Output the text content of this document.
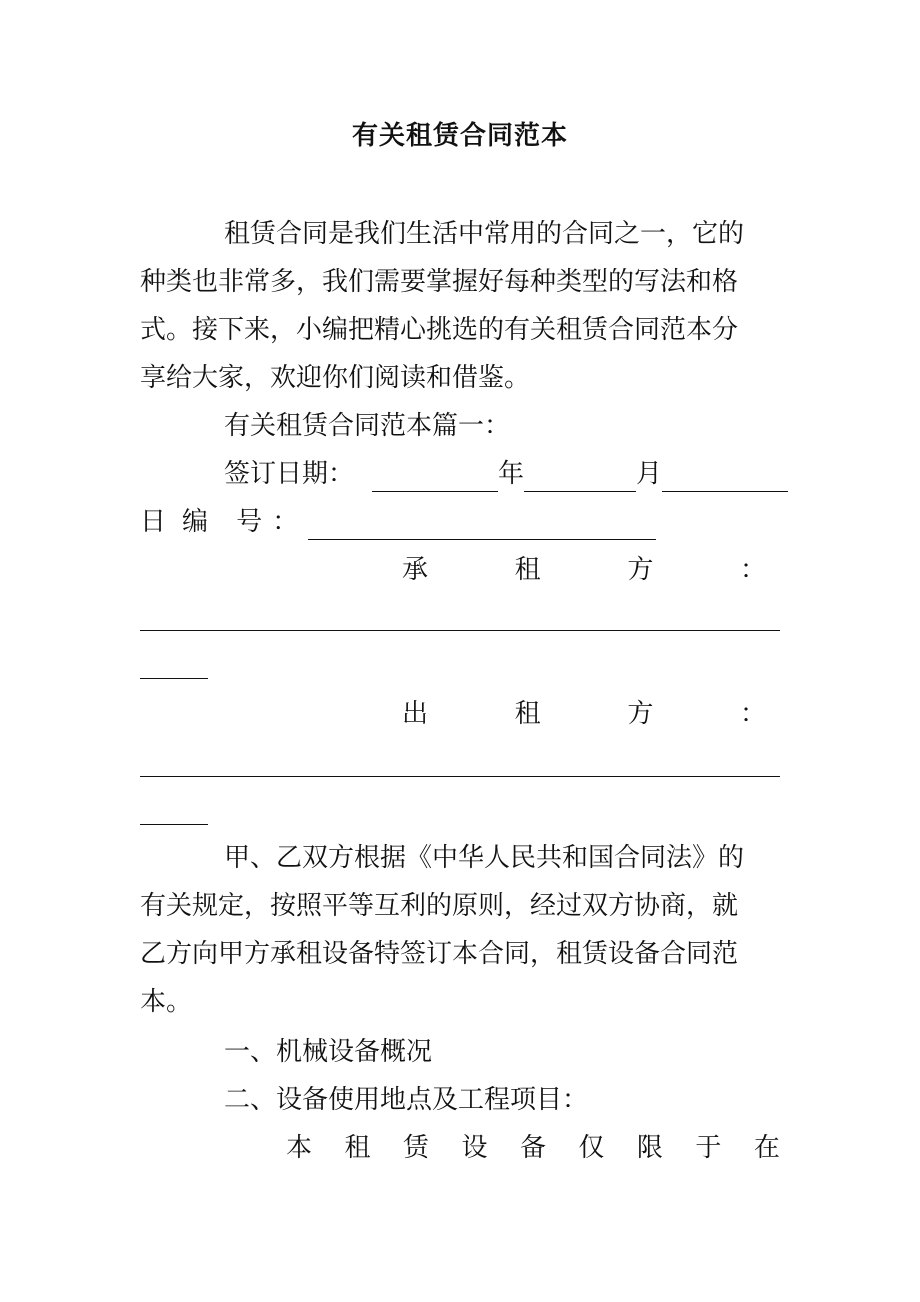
有关租赁合同范本
租赁合同是我们生活中常用的合同之一，它的
种类也非常多，我们需要掌握好每种类型的写法和格
式。接下来，小编把精心挑选的有关租赁合同范本分
享给大家，欢迎你们阅读和借鉴。
有关租赁合同范本篇一：
签订日期：	年	月
日 编 号：
承	租	方	：
出	租	方	：
甲、乙双方根据《中华人民共和国合同法》的
有关规定，按照平等互利的原则，经过双方协商，就
乙方向甲方承租设备特签订本合同，租赁设备合同范
本。
一、机械设备概况
二、设备使用地点及工程项目：
本 租 赁 设 备 仅 限 于 在
